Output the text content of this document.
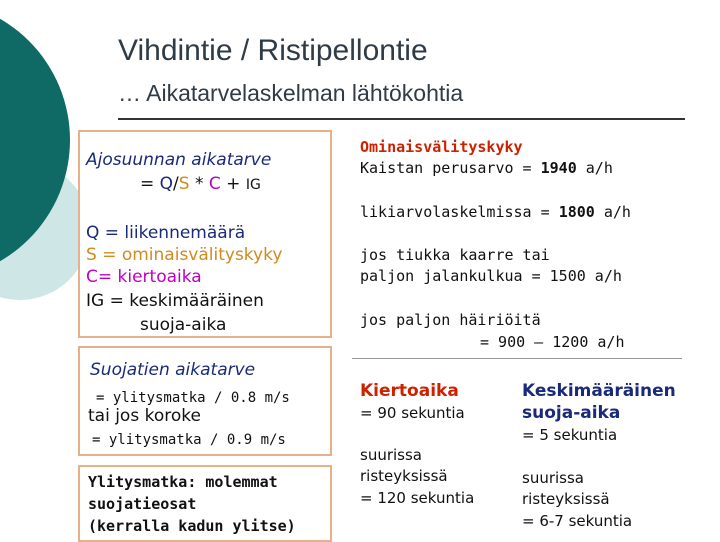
Vihdintie / Ristipellontie
… Aikatarvelaskelman lähtökohtia
Ajosuunnan aikatarve
= Q/S * C + IG
Q = liikennemäärä
S = ominaisvälityskyky
C= kiertoaika
IG = keskimääräinen
suoja-aika
Suojatien aikatarve
= ylitysmatka / 0.8 m/s
tai jos koroke
= ylitysmatka / 0.9 m/s
Ylitysmatka: molemmat
suojatieosat
(kerralla kadun ylitse)
Ominaisvälityskyky
Kaistan perusarvo = 1940 a/h
likiarvolaskelmissa = 1800 a/h
jos tiukka kaarre tai
paljon jalankulkua = 1500 a/h
jos paljon häiriöitä
= 900 – 1200 a/h
Kiertoaika
= 90 sekuntia
suurissa
risteyksissä
= 120 sekuntia
Keskimääräinen
suoja-aika
= 5 sekuntia
suurissa
risteyksissä
= 6-7 sekuntia
